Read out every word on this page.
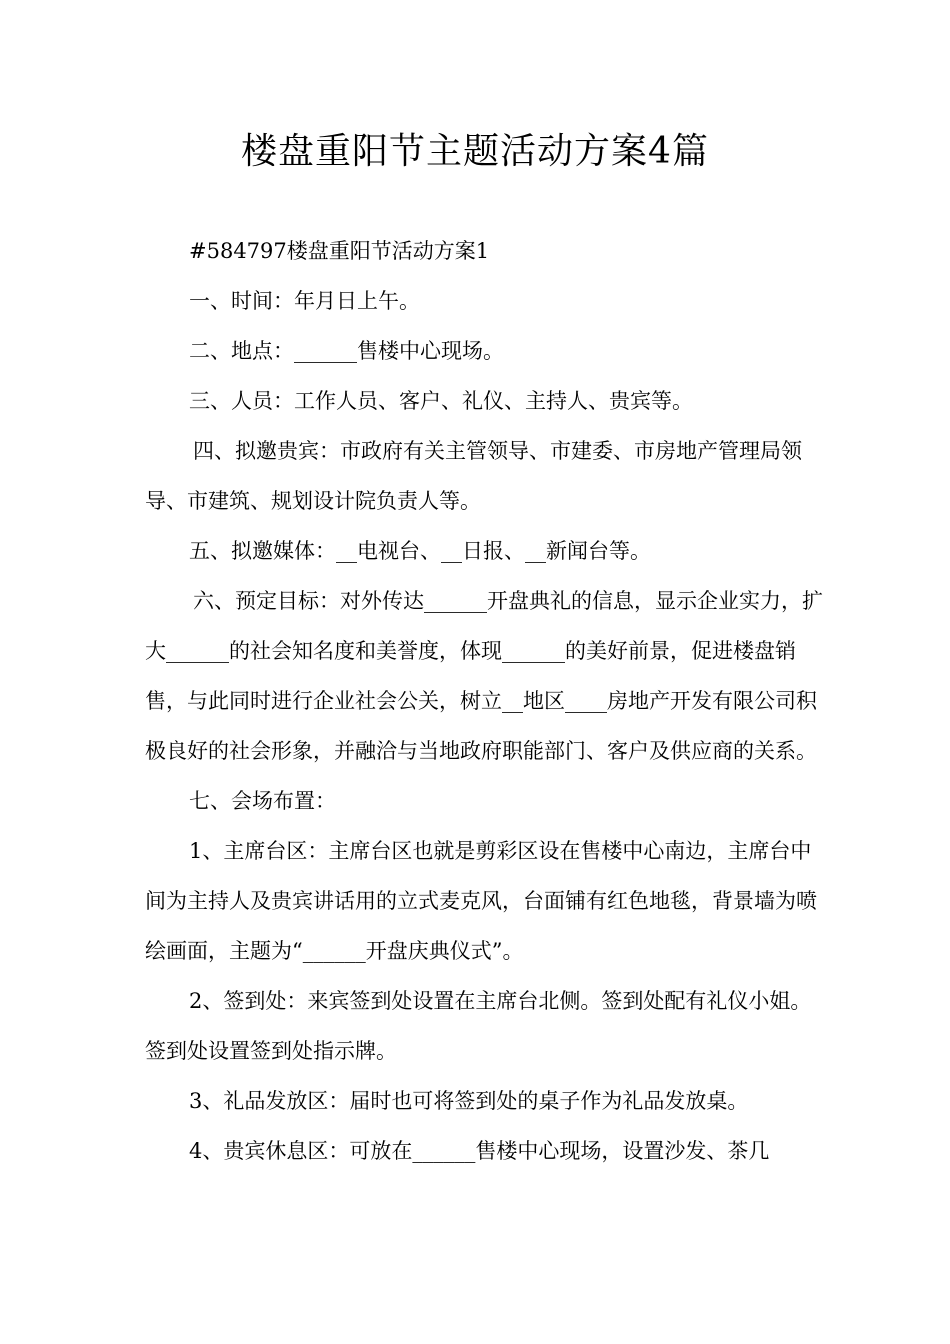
楼盘重阳节主题活动方案4篇

#584797楼盘重阳节活动方案1

一、时间：年月日上午。

二、地点：______售楼中心现场。

三、人员：工作人员、客户、礼仪、主持人、贵宾等。

四、拟邀贵宾：市政府有关主管领导、市建委、市房地产管理局领导、市建筑、规划设计院负责人等。

五、拟邀媒体：__电视台、__日报、__新闻台等。

六、预定目标：对外传达______开盘典礼的信息，显示企业实力，扩大______的社会知名度和美誉度，体现______的美好前景，促进楼盘销售，与此同时进行企业社会公关，树立__地区____房地产开发有限公司积极良好的社会形象，并融洽与当地政府职能部门、客户及供应商的关系。

七、会场布置：

1、主席台区：主席台区也就是剪彩区设在售楼中心南边，主席台中间为主持人及贵宾讲话用的立式麦克风，台面铺有红色地毯，背景墙为喷绘画面，主题为“______开盘庆典仪式”。

2、签到处：来宾签到处设置在主席台北侧。签到处配有礼仪小姐。签到处设置签到处指示牌。

3、礼品发放区：届时也可将签到处的桌子作为礼品发放桌。

4、贵宾休息区：可放在______售楼中心现场，设置沙发、茶几
